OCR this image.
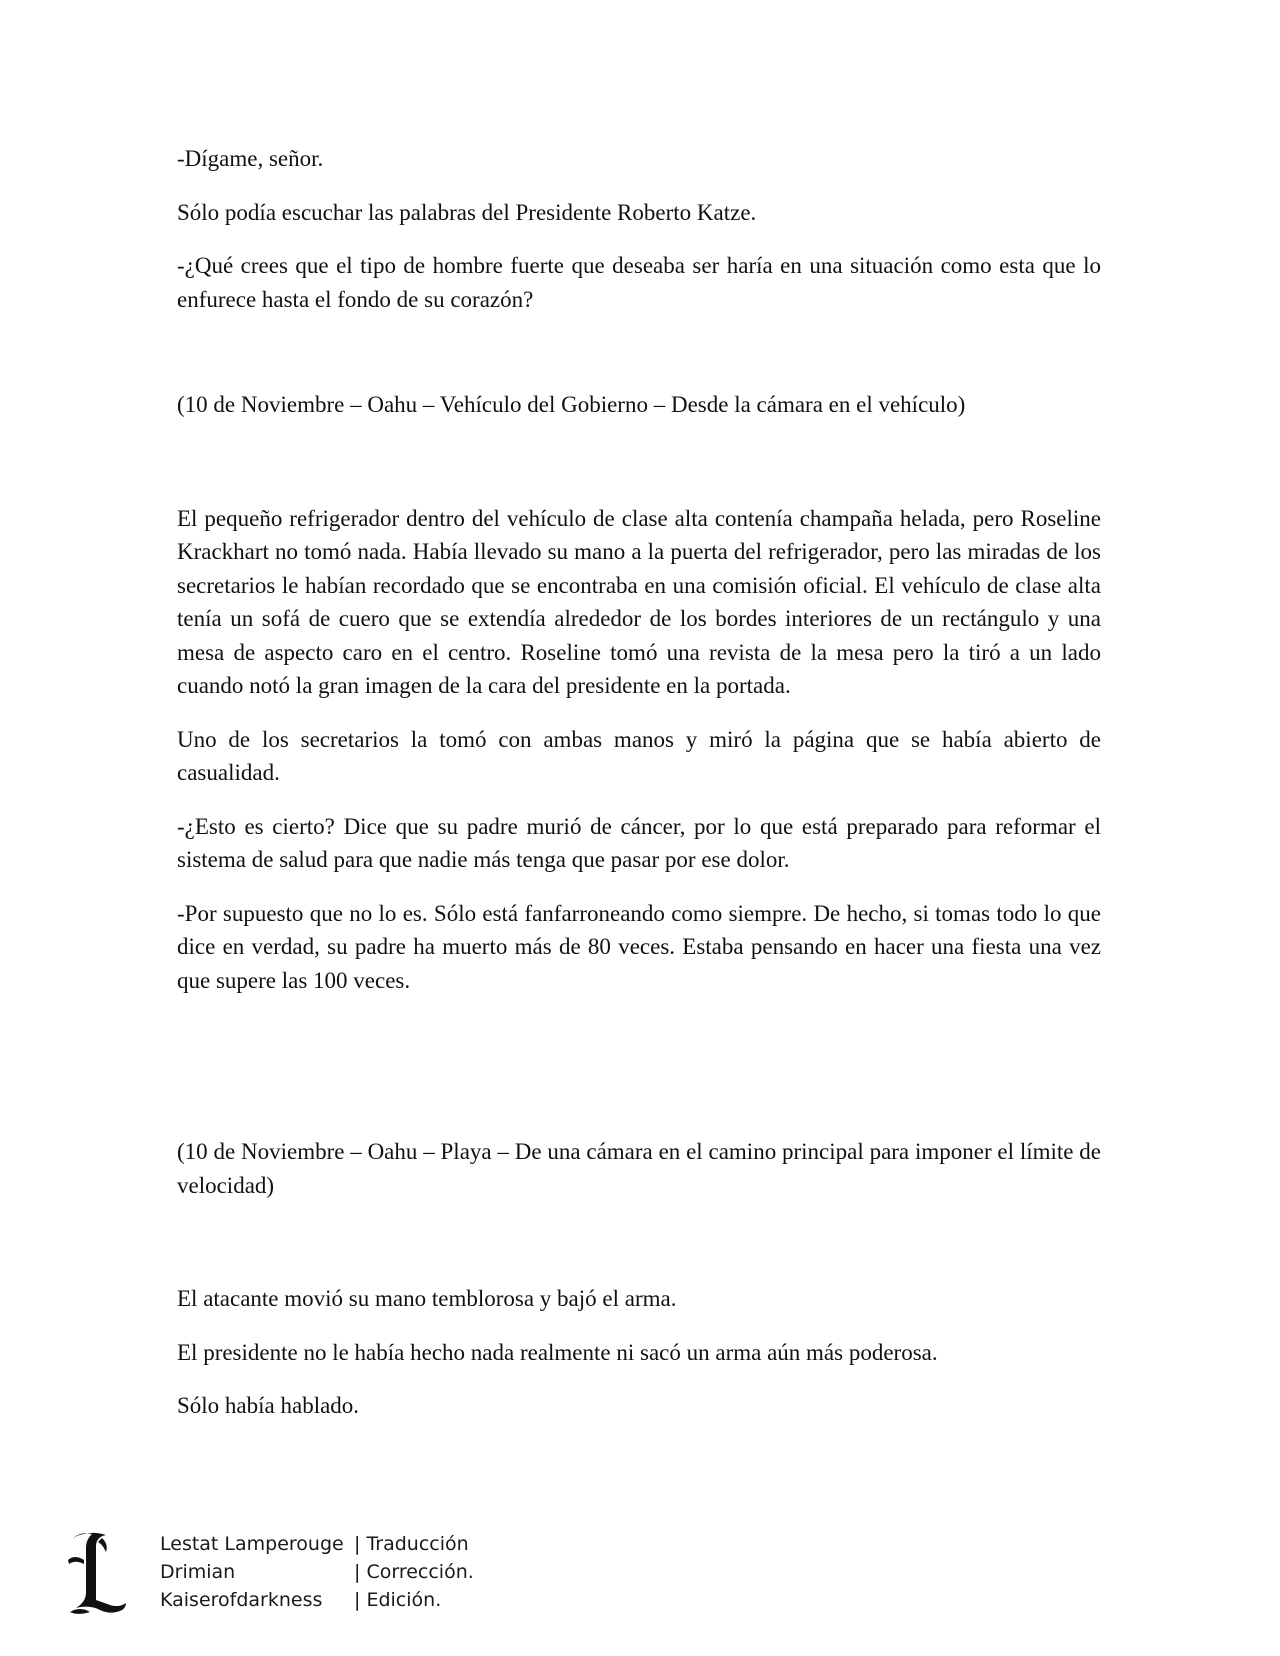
-Dígame, señor.

Sólo podía escuchar las palabras del Presidente Roberto Katze.

-¿Qué crees que el tipo de hombre fuerte que deseaba ser haría en una situación como esta que lo enfurece hasta el fondo de su corazón?

(10 de Noviembre – Oahu – Vehículo del Gobierno – Desde la cámara en el vehículo)

El pequeño refrigerador dentro del vehículo de clase alta contenía champaña helada, pero Roseline Krackhart no tomó nada. Había llevado su mano a la puerta del refrigerador, pero las miradas de los secretarios le habían recordado que se encontraba en una comisión oficial. El vehículo de clase alta tenía un sofá de cuero que se extendía alrededor de los bordes interiores de un rectángulo y una mesa de aspecto caro en el centro. Roseline tomó una revista de la mesa pero la tiró a un lado cuando notó la gran imagen de la cara del presidente en la portada.

Uno de los secretarios la tomó con ambas manos y miró la página que se había abierto de casualidad.

-¿Esto es cierto? Dice que su padre murió de cáncer, por lo que está preparado para reformar el sistema de salud para que nadie más tenga que pasar por ese dolor.

-Por supuesto que no lo es. Sólo está fanfarroneando como siempre. De hecho, si tomas todo lo que dice en verdad, su padre ha muerto más de 80 veces. Estaba pensando en hacer una fiesta una vez que supere las 100 veces.

(10 de Noviembre – Oahu – Playa – De una cámara en el camino principal para imponer el límite de velocidad)

El atacante movió su mano temblorosa y bajó el arma.

El presidente no le había hecho nada realmente ni sacó un arma aún más poderosa.

Sólo había hablado.

Lestat Lamperouge	| Traducción
Drimian	| Corrección.
Kaiserofdarkness	| Edición.
